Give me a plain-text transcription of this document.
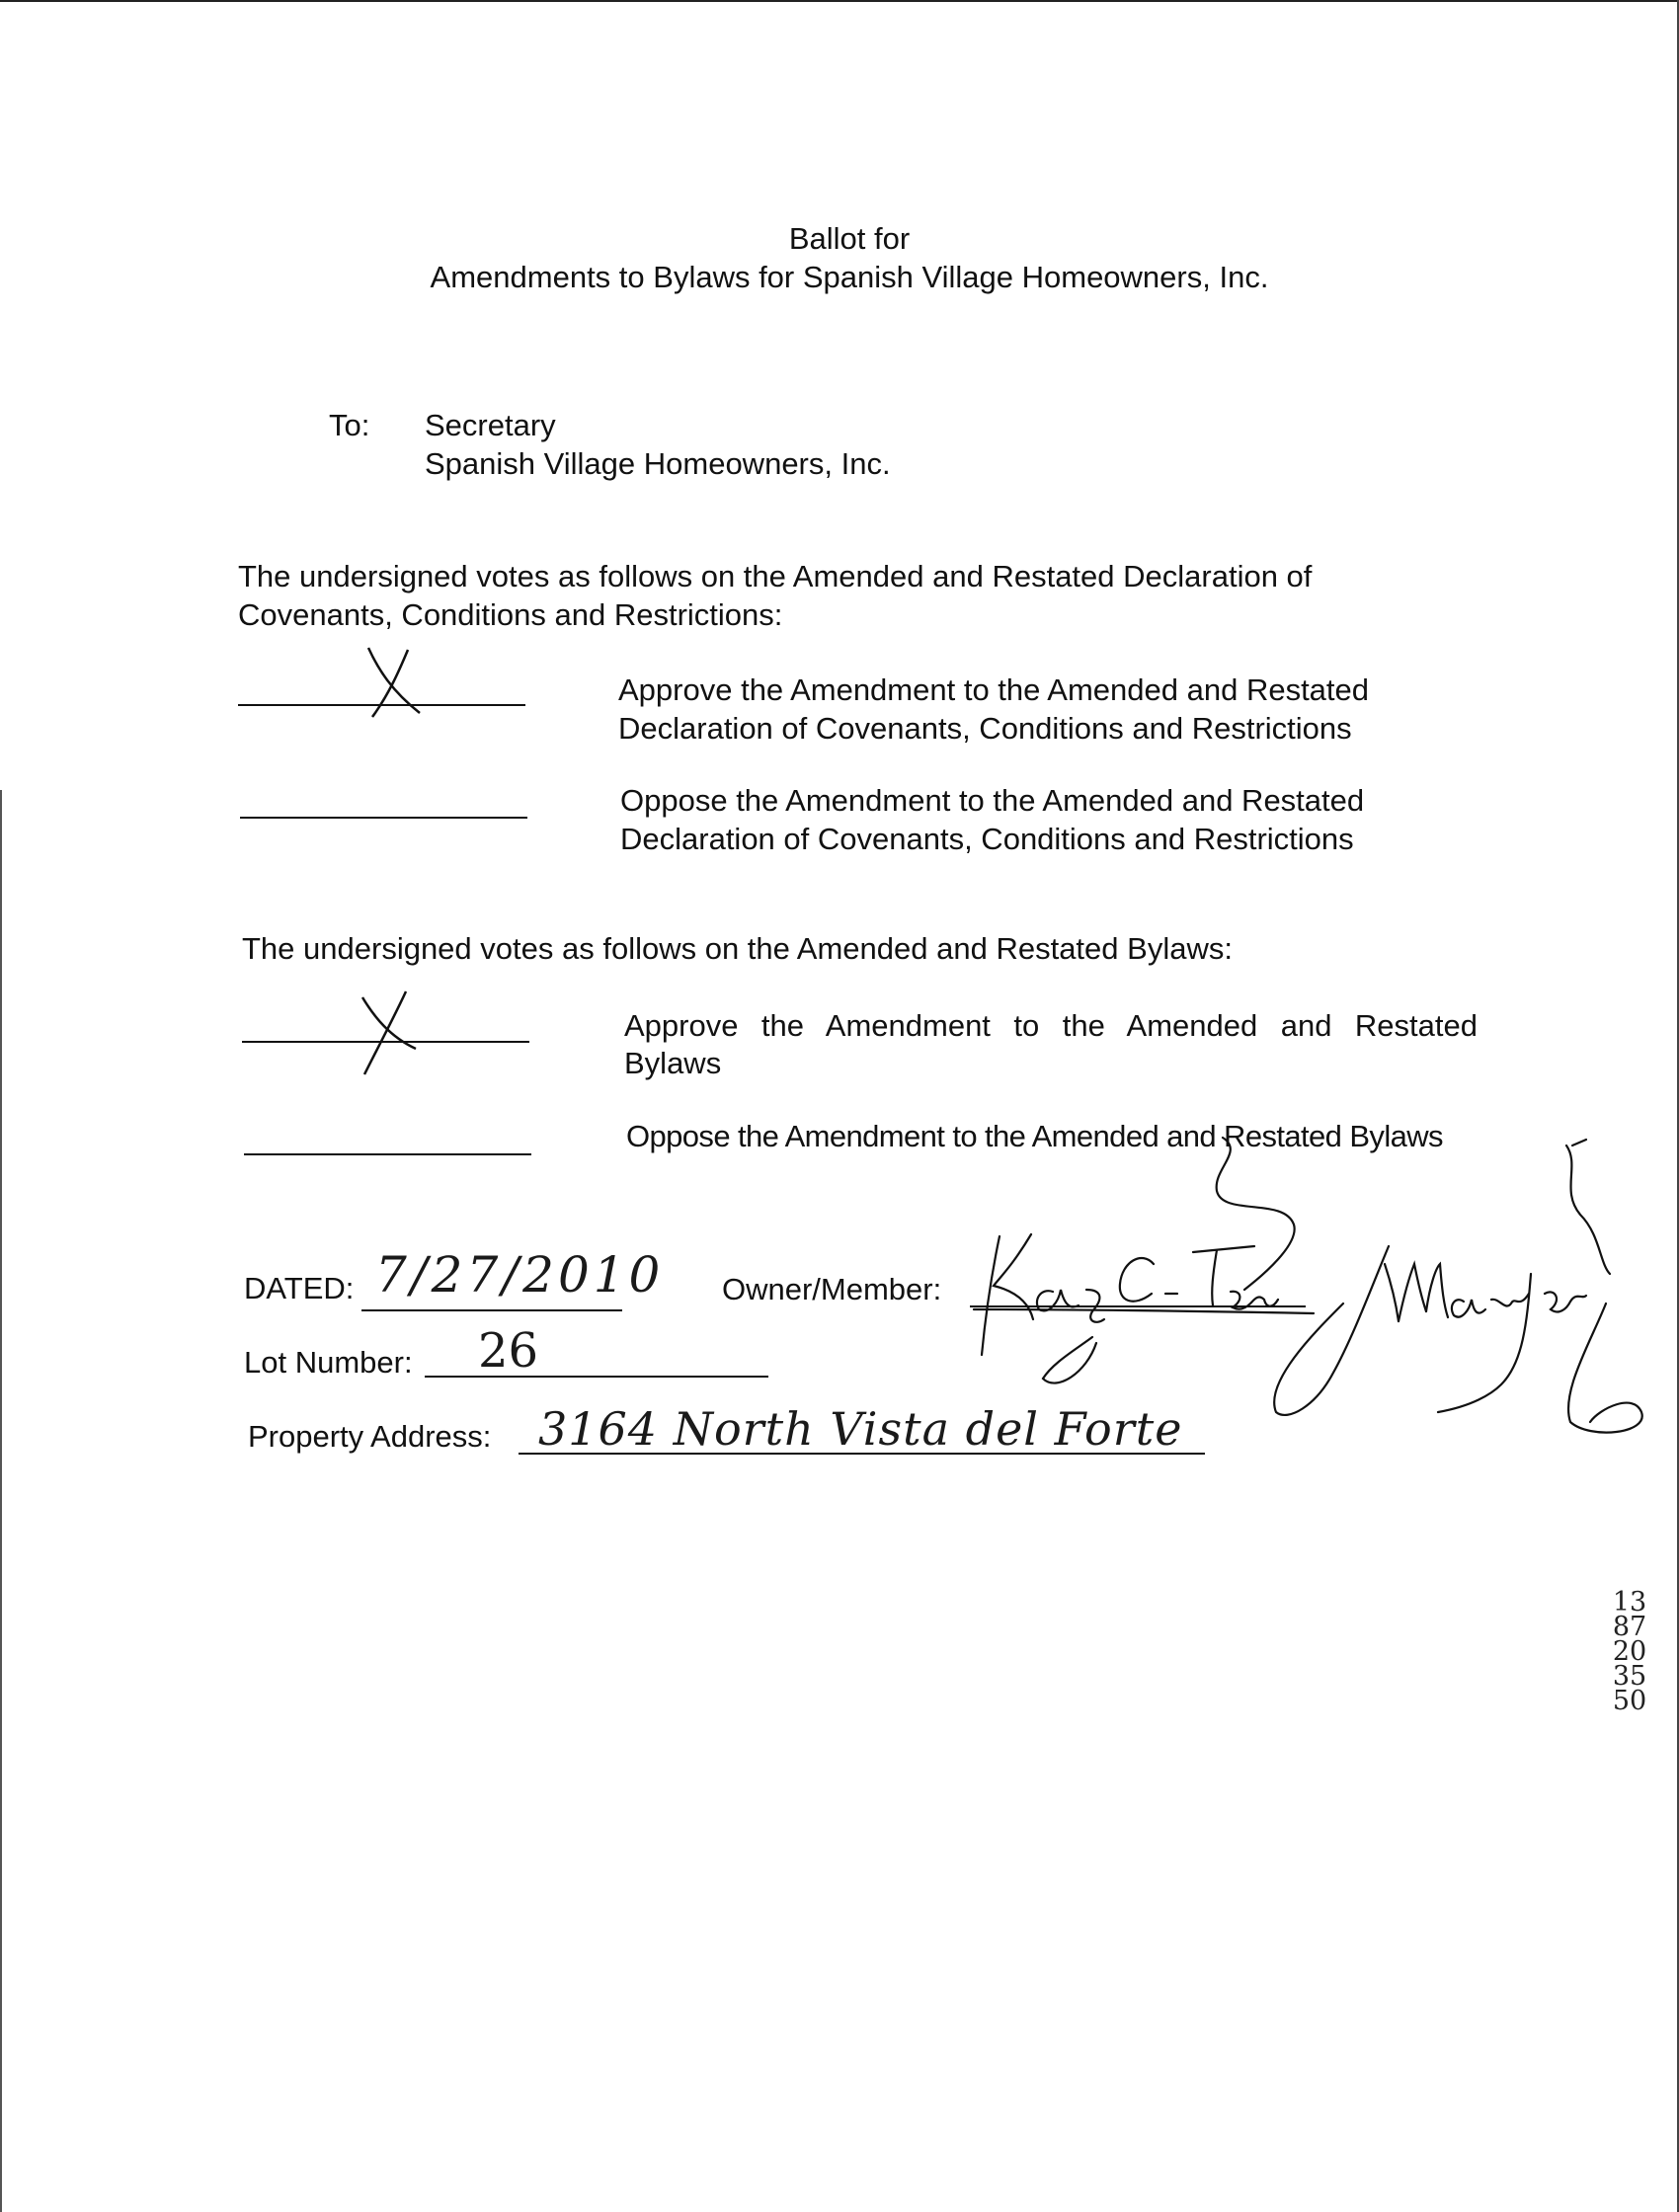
Ballot for
Amendments to Bylaws for Spanish Village Homeowners, Inc.
To: Secretary
Spanish Village Homeowners, Inc.
The undersigned votes as follows on the Amended and Restated Declaration of
Covenants, Conditions and Restrictions:
Approve the Amendment to the Amended and Restated
Declaration of Covenants, Conditions and Restrictions
Oppose the Amendment to the Amended and Restated
Declaration of Covenants, Conditions and Restrictions
The undersigned votes as follows on the Amended and Restated Bylaws:
Approve the Amendment to the Amended and Restated
Bylaws
Oppose the Amendment to the Amended and Restated Bylaws
DATED: 7/27/2010 Owner/Member:
Lot Number: 26
Property Address: 3164 North Vista del Forte
1387203550
